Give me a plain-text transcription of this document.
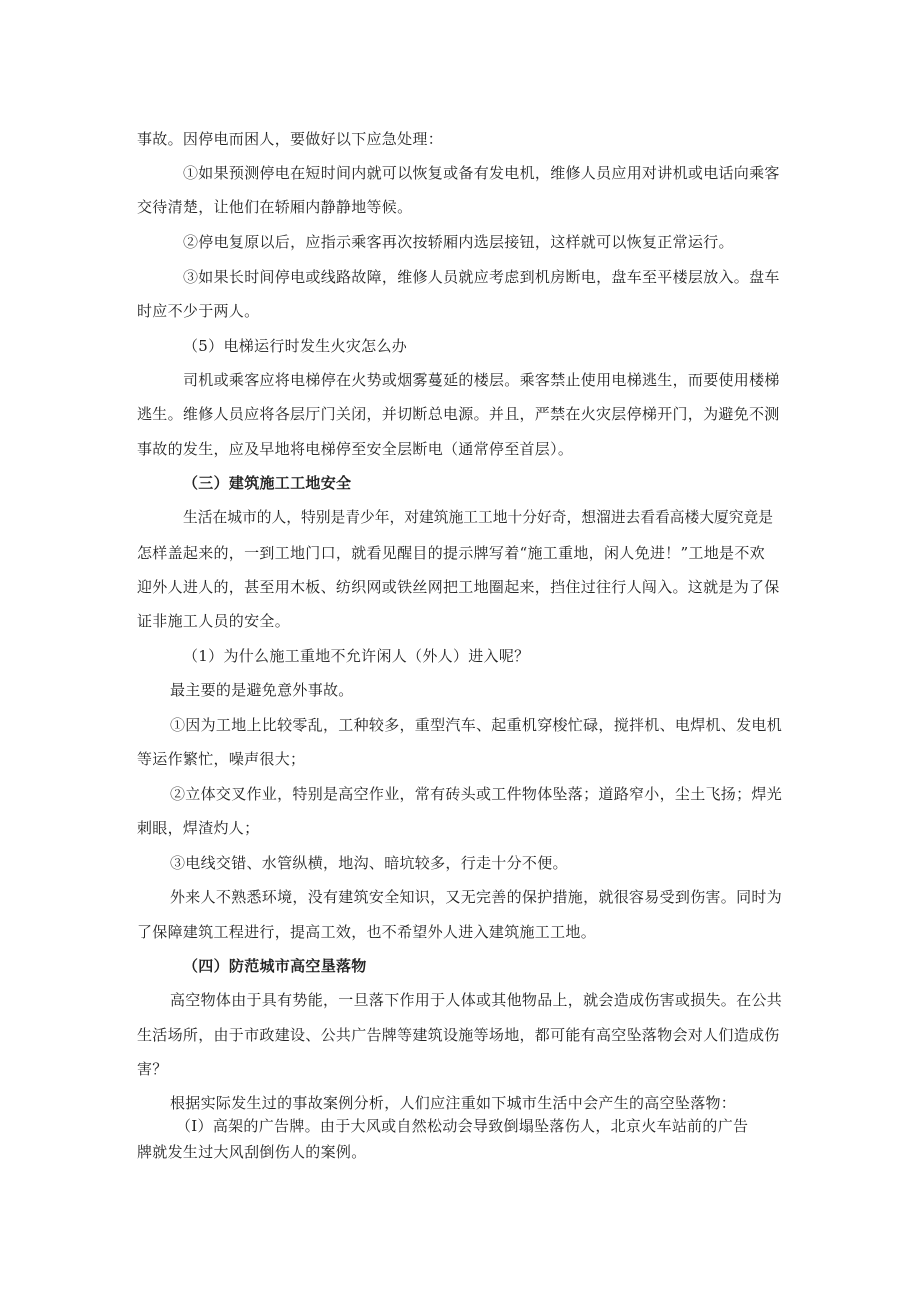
事故。因停电而困人，要做好以下应急处理：
①如果预测停电在短时间内就可以恢复或备有发电机，维修人员应用对讲机或电话向乘客
交待清楚，让他们在轿厢内静静地等候。
②停电复原以后，应指示乘客再次按轿厢内选层接钮，这样就可以恢复正常运行。
③如果长时间停电或线路故障，维修人员就应考虑到机房断电，盘车至平楼层放入。盘车
时应不少于两人。
（5）电梯运行时发生火灾怎么办
司机或乘客应将电梯停在火势或烟雾蔓延的楼层。乘客禁止使用电梯逃生，而要使用楼梯
逃生。维修人员应将各层厅门关闭，并切断总电源。并且，严禁在火灾层停梯开门，为避免不测
事故的发生，应及早地将电梯停至安全层断电（通常停至首层）。
（三）建筑施工工地安全
生活在城市的人，特别是青少年，对建筑施工工地十分好奇，想溜进去看看高楼大厦究竟是
怎样盖起来的，一到工地门口，就看见醒目的提示牌写着“施工重地，闲人免进！”工地是不欢
迎外人进人的，甚至用木板、纺织网或铁丝网把工地圈起来，挡住过往行人闯入。这就是为了保
证非施工人员的安全。
（1）为什么施工重地不允许闲人（外人）进入呢？
最主要的是避免意外事故。
①因为工地上比较零乱，工种较多，重型汽车、起重机穿梭忙碌，搅拌机、电焊机、发电机
等运作繁忙，噪声很大；
②立体交叉作业，特别是高空作业，常有砖头或工件物体坠落；道路窄小，尘土飞扬；焊光
刺眼，焊渣灼人；
③电线交错、水管纵横，地沟、暗坑较多，行走十分不便。
外来人不熟悉环境，没有建筑安全知识，又无完善的保护措施，就很容易受到伤害。同时为
了保障建筑工程进行，提高工效，也不希望外人进入建筑施工工地。
（四）防范城市高空垦落物
高空物体由于具有势能，一旦落下作用于人体或其他物品上，就会造成伤害或损失。在公共
生活场所，由于市政建设、公共广告牌等建筑设施等场地，都可能有高空坠落物会对人们造成伤
害？
根据实际发生过的事故案例分析，人们应注重如下城市生活中会产生的高空坠落物：
（I）高架的广告牌。由于大风或自然松动会导致倒塌坠落伤人，北京火车站前的广告
牌就发生过大风刮倒伤人的案例。
